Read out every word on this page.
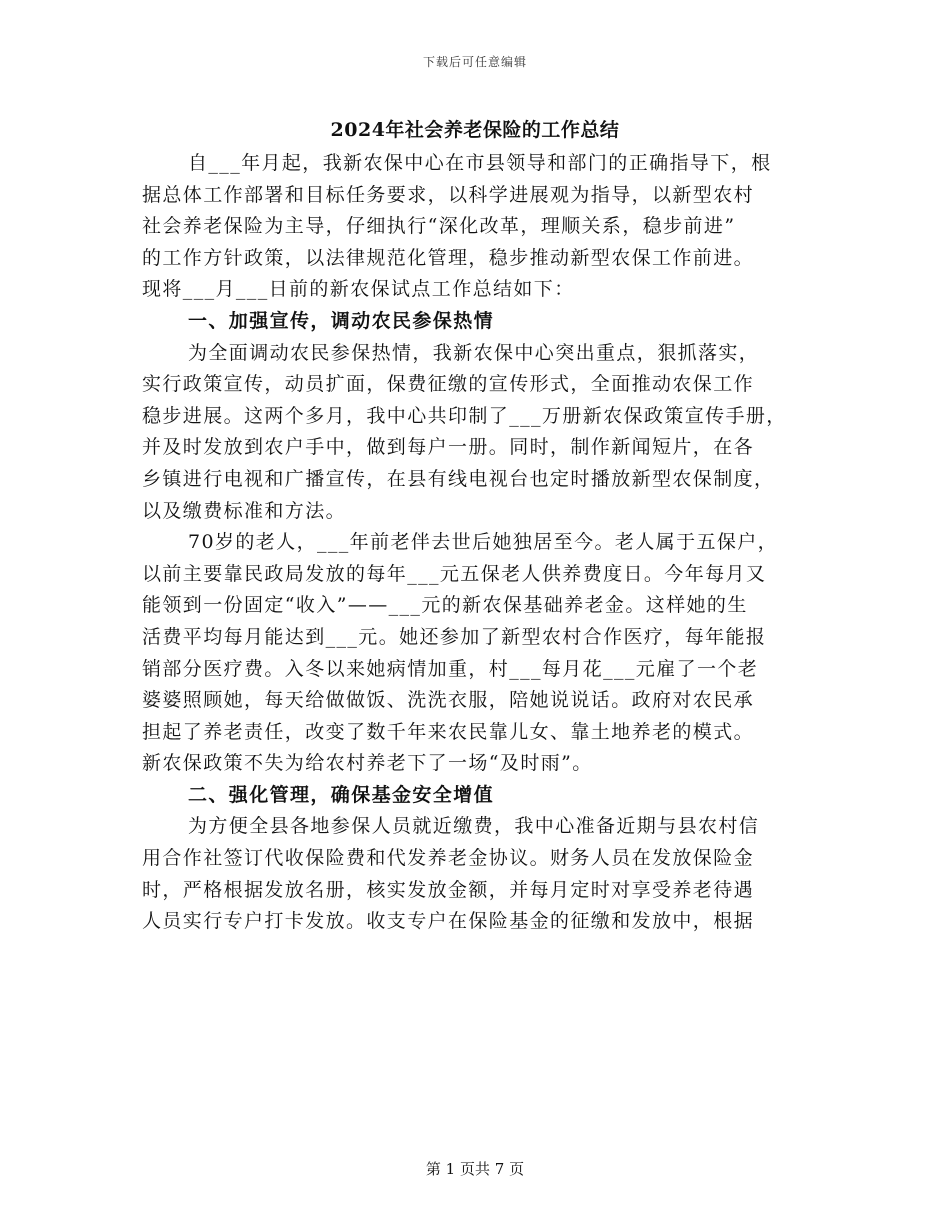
下载后可任意编辑
2024年社会养老保险的工作总结
自___年月起，我新农保中心在市县领导和部门的正确指导下，根
据总体工作部署和目标任务要求，以科学进展观为指导，以新型农村
社会养老保险为主导，仔细执行“深化改革，理顺关系，稳步前进”
的工作方针政策，以法律规范化管理，稳步推动新型农保工作前进。
现将___月___日前的新农保试点工作总结如下：
一、加强宣传，调动农民参保热情
为全面调动农民参保热情，我新农保中心突出重点，狠抓落实，
实行政策宣传，动员扩面，保费征缴的宣传形式，全面推动农保工作
稳步进展。这两个多月，我中心共印制了___万册新农保政策宣传手册，
并及时发放到农户手中，做到每户一册。同时，制作新闻短片，在各
乡镇进行电视和广播宣传，在县有线电视台也定时播放新型农保制度，
以及缴费标准和方法。
70岁的老人，___年前老伴去世后她独居至今。老人属于五保户，
以前主要靠民政局发放的每年___元五保老人供养费度日。今年每月又
能领到一份固定“收入”——___元的新农保基础养老金。这样她的生
活费平均每月能达到___元。她还参加了新型农村合作医疗，每年能报
销部分医疗费。入冬以来她病情加重，村___每月花___元雇了一个老
婆婆照顾她，每天给做做饭、洗洗衣服，陪她说说话。政府对农民承
担起了养老责任，改变了数千年来农民靠儿女、靠土地养老的模式。
新农保政策不失为给农村养老下了一场“及时雨”。
二、强化管理，确保基金安全增值
为方便全县各地参保人员就近缴费，我中心准备近期与县农村信
用合作社签订代收保险费和代发养老金协议。财务人员在发放保险金
时，严格根据发放名册，核实发放金额，并每月定时对享受养老待遇
人员实行专户打卡发放。收支专户在保险基金的征缴和发放中，根据
第 1 页共 7 页
